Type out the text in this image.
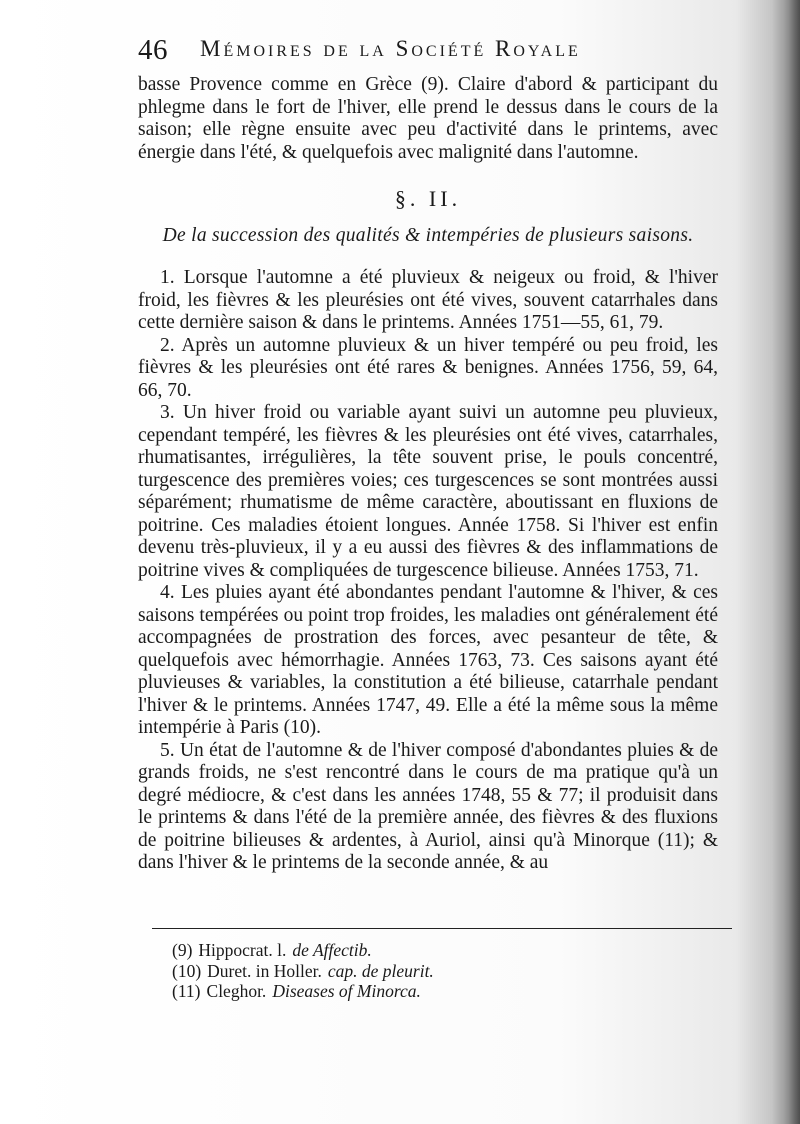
46 Mémoires de la Société Royale

basse Provence comme en Grèce (9). Claire d'abord & participant du phlegme dans le fort de l'hiver, elle prend le dessus dans le cours de la saison; elle règne ensuite avec peu d'activité dans le printems, avec énergie dans l'été, & quelquefois avec malignité dans l'automne.

§. II.
De la succession des qualités & intempéries de plusieurs saisons.

1. Lorsque l'automne a été pluvieux & neigeux ou froid, & l'hiver froid, les fièvres & les pleurésies ont été vives, souvent catarrhales dans cette dernière saison & dans le printems. Années 1751—55, 61, 79.

2. Après un automne pluvieux & un hiver tempéré ou peu froid, les fièvres & les pleurésies ont été rares & benignes. Années 1756, 59, 64, 66, 70.

3. Un hiver froid ou variable ayant suivi un automne peu pluvieux, cependant tempéré, les fièvres & les pleurésies ont été vives, catarrhales, rhumatisantes, irrégulières, la tête souvent prise, le pouls concentré, turgescence des premières voies; ces turgescences se sont montrées aussi séparément; rhumatisme de même caractère, aboutissant en fluxions de poitrine. Ces maladies étoient longues. Année 1758. Si l'hiver est enfin devenu très-pluvieux, il y a eu aussi des fièvres & des inflammations de poitrine vives & compliquées de turgescence bilieuse. Années 1753, 71.

4. Les pluies ayant été abondantes pendant l'automne & l'hiver, & ces saisons tempérées ou point trop froides, les maladies ont généralement été accompagnées de prostration des forces, avec pesanteur de tête, & quelquefois avec hémorrhagie. Années 1763, 73. Ces saisons ayant été pluvieuses & variables, la constitution a été bilieuse, catarrhale pendant l'hiver & le printems. Années 1747, 49. Elle a été la même sous la même intempérie à Paris (10).

5. Un état de l'automne & de l'hiver composé d'abondantes pluies & de grands froids, ne s'est rencontré dans le cours de ma pratique qu'à un degré médiocre, & c'est dans les années 1748, 55 & 77; il produisit dans le printems & dans l'été de la première année, des fièvres & des fluxions de poitrine bilieuses & ardentes, à Auriol, ainsi qu'à Minorque (11); & dans l'hiver & le printems de la seconde année, & au

(9) Hippocrat. l. de Affectib.
(10) Duret. in Holler. cap. de pleurit.
(11) Cleghor. Diseases of Minorca.
